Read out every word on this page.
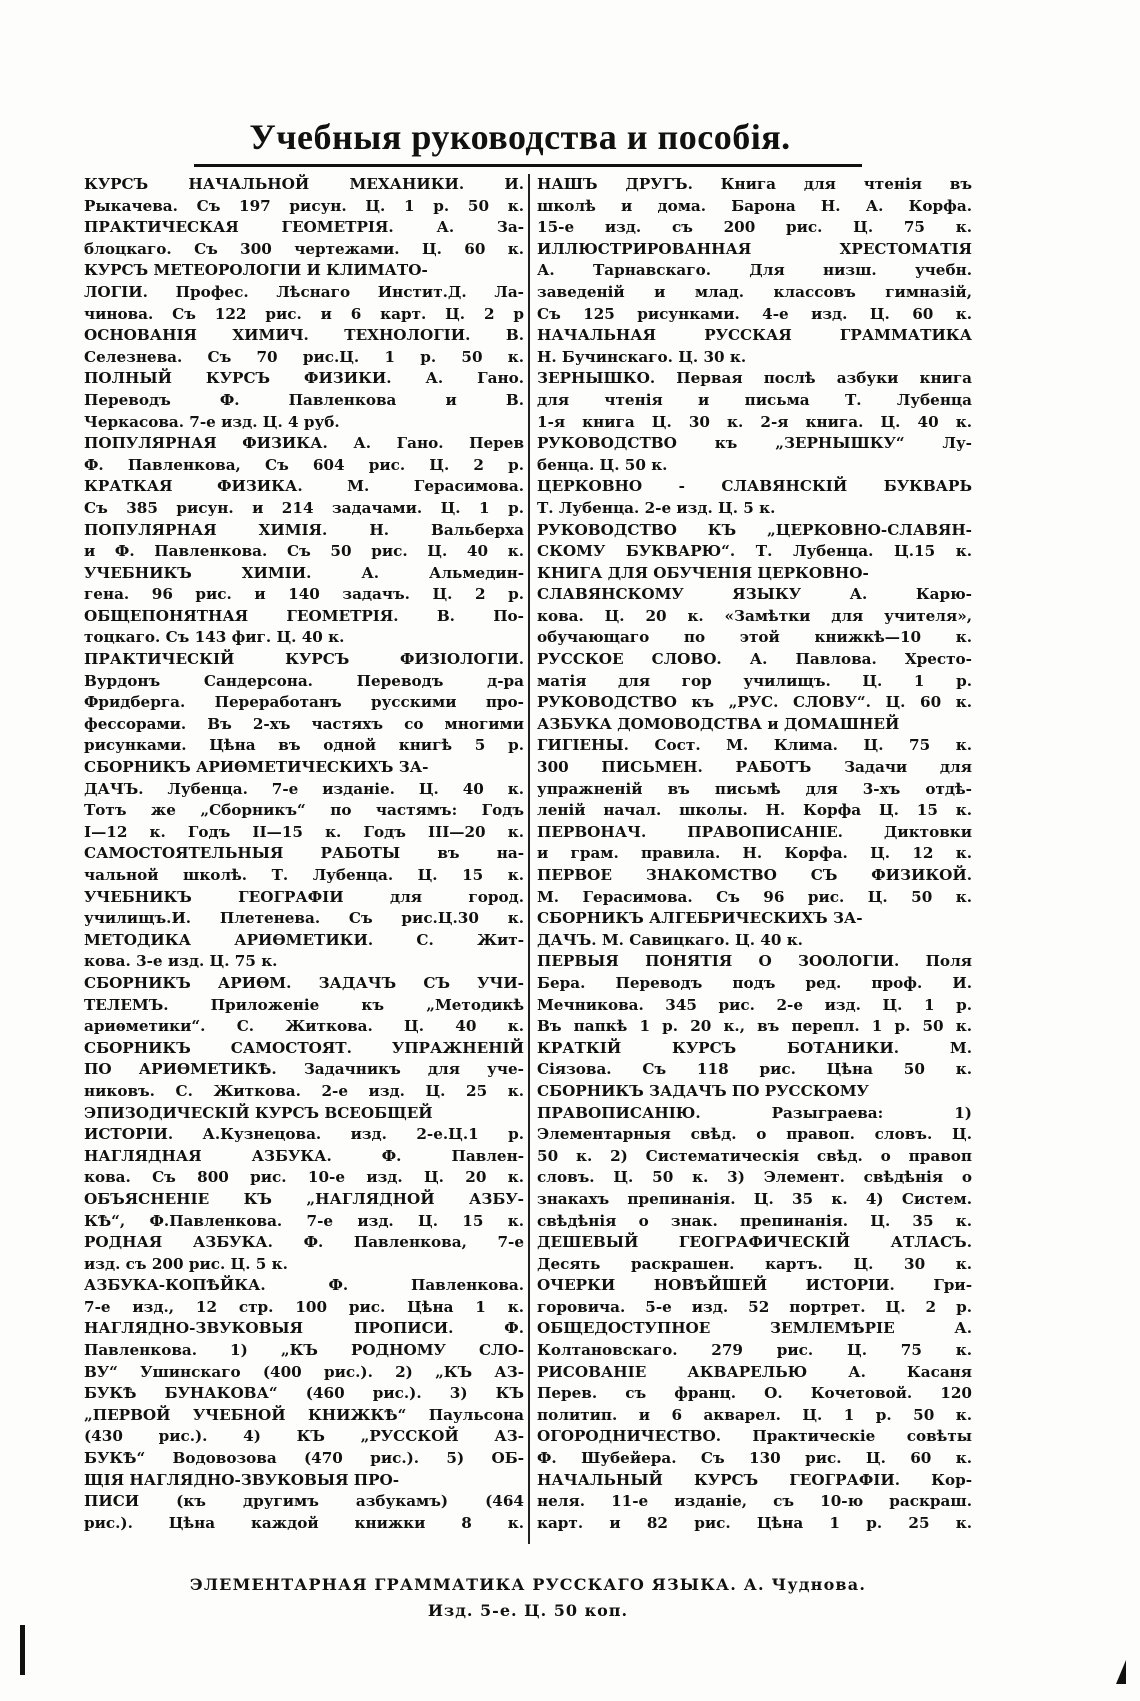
Учебныя руководства и пособія.
КУРСЪ НАЧАЛЬНОЙ МЕХАНИКИ. И.
Рыкачева. Съ 197 рисун. Ц. 1 р. 50 к.
ПРАКТИЧЕСКАЯ ГЕОМЕТРІЯ. А. За-
блоцкаго. Съ 300 чертежами. Ц. 60 к.
КУРСЪ МЕТЕОРОЛОГІИ И КЛИМАТО-
ЛОГІИ. Профес. Лѣснаго Инстит.Д. Ла-
чинова. Съ 122 рис. и 6 карт. Ц. 2 р
ОСНОВАНІЯ ХИМИЧ. ТЕХНОЛОГІИ. В.
Селезнева. Съ 70 рис.Ц. 1 р. 50 к.
ПОЛНЫЙ КУРСЪ ФИЗИКИ. А. Гано.
Переводъ Ф. Павленкова и В.
Черкасова. 7-е изд. Ц. 4 руб.
ПОПУЛЯРНАЯ ФИЗИКА. А. Гано. Перев
Ф. Павленкова, Съ 604 рис. Ц. 2 р.
КРАТКАЯ ФИЗИКА. М. Герасимова.
Съ 385 рисун. и 214 задачами. Ц. 1 р.
ПОПУЛЯРНАЯ ХИМІЯ. Н. Вальберха
и Ф. Павленкова. Съ 50 рис. Ц. 40 к.
УЧЕБНИКЪ ХИМІИ. А. Альмедин-
гена. 96 рис. и 140 задачъ. Ц. 2 р.
ОБЩЕПОНЯТНАЯ ГЕОМЕТРІЯ. В. По-
тоцкаго. Съ 143 фиг. Ц. 40 к.
ПРАКТИЧЕСКІЙ КУРСЪ ФИЗІОЛОГІИ.
Вурдонъ Сандерсона. Переводъ д-ра
Фридберга. Переработанъ русскими про-
фессорами. Въ 2-хъ частяхъ со многими
рисунками. Цѣна въ одной книгѣ 5 р.
СБОРНИКЪ АРИѲМЕТИЧЕСКИХЪ ЗА-
ДАЧЪ. Лубенца. 7-е изданіе. Ц. 40 к.
Тотъ же „Сборникъ“ по частямъ: Годъ
І—12 к. Годъ ІІ—15 к. Годъ ІІІ—20 к.
САМОСТОЯТЕЛЬНЫЯ РАБОТЫ въ на-
чальной школѣ. Т. Лубенца. Ц. 15 к.
УЧЕБНИКЪ ГЕОГРАФІИ для город.
училищъ.И. Плетенева. Съ рис.Ц.30 к.
МЕТОДИКА АРИѲМЕТИКИ. С. Жит-
кова. 3-е изд. Ц. 75 к.
СБОРНИКЪ АРИѲМ. ЗАДАЧЪ СЪ УЧИ-
ТЕЛЕМЪ. Приложеніе къ „Методикѣ
ариѳметики“. С. Житкова. Ц. 40 к.
СБОРНИКЪ САМОСТОЯТ. УПРАЖНЕНІЙ
ПО АРИѲМЕТИКѢ. Задачникъ для уче-
никовъ. С. Житкова. 2-е изд. Ц. 25 к.
ЭПИЗОДИЧЕСКІЙ КУРСЪ ВСЕОБЩЕЙ
ИСТОРІИ. А.Кузнецова. изд. 2-е.Ц.1 р.
НАГЛЯДНАЯ АЗБУКА. Ф. Павлен-
кова. Съ 800 рис. 10-е изд. Ц. 20 к.
ОБЪЯСНЕНІЕ КЪ „НАГЛЯДНОЙ АЗБУ-
КѢ“, Ф.Павленкова. 7-е изд. Ц. 15 к.
РОДНАЯ АЗБУКА. Ф. Павленкова, 7-е
изд. съ 200 рис. Ц. 5 к.
АЗБУКА-КОПѢЙКА. Ф. Павленкова.
7-е изд., 12 стр. 100 рис. Цѣна 1 к.
НАГЛЯДНО-ЗВУКОВЫЯ ПРОПИСИ. Ф.
Павленкова. 1) „КЪ РОДНОМУ СЛО-
ВУ“ Ушинскаго (400 рис.). 2) „КЪ АЗ-
БУКѢ БУНАКОВА“ (460 рис.). 3) КЪ
„ПЕРВОЙ УЧЕБНОЙ КНИЖКѢ“ Паульсона
(430 рис.). 4) КЪ „РУССКОЙ АЗ-
БУКѢ“ Водовозова (470 рис.). 5) ОБ-
ЩІЯ НАГЛЯДНО-ЗВУКОВЫЯ ПРО-
ПИСИ (къ другимъ азбукамъ) (464
рис.). Цѣна каждой книжки 8 к.
НАШЪ ДРУГЪ. Книга для чтенія въ
школѣ и дома. Барона Н. А. Корфа.
15-е изд. съ 200 рис. Ц. 75 к.
ИЛЛЮСТРИРОВАННАЯ ХРЕСТОМАТІЯ
А. Тарнавскаго. Для низш. учебн.
заведеній и млад. классовъ гимназій,
Съ 125 рисунками. 4-е изд. Ц. 60 к.
НАЧАЛЬНАЯ РУССКАЯ ГРАММАТИКА
Н. Бучинскаго. Ц. 30 к.
ЗЕРНЫШКО. Первая послѣ азбуки книга
для чтенія и письма Т. Лубенца
1-я книга Ц. 30 к. 2-я книга. Ц. 40 к.
РУКОВОДСТВО къ „ЗЕРНЫШКУ“ Лу-
бенца. Ц. 50 к.
ЦЕРКОВНО - СЛАВЯНСКІЙ БУКВАРЬ
Т. Лубенца. 2-е изд. Ц. 5 к.
РУКОВОДСТВО КЪ „ЦЕРКОВНО-СЛАВЯН-
СКОМУ БУКВАРЮ“. Т. Лубенца. Ц.15 к.
КНИГА ДЛЯ ОБУЧЕНІЯ ЦЕРКОВНО-
СЛАВЯНСКОМУ ЯЗЫКУ А. Карю-
кова. Ц. 20 к. «Замѣтки для учителя»,
обучающаго по этой книжкѣ—10 к.
РУССКОЕ СЛОВО. А. Павлова. Хресто-
матія для гор училищъ. Ц. 1 р.
РУКОВОДСТВО къ „РУС. СЛОВУ“. Ц. 60 к.
АЗБУКА ДОМОВОДСТВА и ДОМАШНЕЙ
ГИГІЕНЫ. Сост. М. Клима. Ц. 75 к.
300 ПИСЬМЕН. РАБОТЪ Задачи для
упражненій въ письмѣ для 3-хъ отдѣ-
леній начал. школы. Н. Корфа Ц. 15 к.
ПЕРВОНАЧ. ПРАВОПИСАНІЕ. Диктовки
и грам. правила. Н. Корфа. Ц. 12 к.
ПЕРВОЕ ЗНАКОМСТВО СЪ ФИЗИКОЙ.
М. Герасимова. Съ 96 рис. Ц. 50 к.
СБОРНИКЪ АЛГЕБРИЧЕСКИХЪ ЗА-
ДАЧЪ. М. Савицкаго. Ц. 40 к.
ПЕРВЫЯ ПОНЯТІЯ О ЗООЛОГІИ. Поля
Бера. Переводъ подъ ред. проф. И.
Мечникова. 345 рис. 2-е изд. Ц. 1 р.
Въ папкѣ 1 р. 20 к., въ перепл. 1 р. 50 к.
КРАТКІЙ КУРСЪ БОТАНИКИ. М.
Сіязова. Съ 118 рис. Цѣна 50 к.
СБОРНИКЪ ЗАДАЧЪ ПО РУССКОМУ
ПРАВОПИСАНІЮ. Разыграева: 1)
Элементарныя свѣд. о правоп. словъ. Ц.
50 к. 2) Систематическія свѣд. о правоп
словъ. Ц. 50 к. 3) Элемент. свѣдѣнія о
знакахъ препинанія. Ц. 35 к. 4) Систем.
свѣдѣнія о знак. препинанія. Ц. 35 к.
ДЕШЕВЫЙ ГЕОГРАФИЧЕСКІЙ АТЛАСЪ.
Десять раскрашен. картъ. Ц. 30 к.
ОЧЕРКИ НОВѢЙШЕЙ ИСТОРІИ. Гри-
горовича. 5-е изд. 52 портрет. Ц. 2 р.
ОБЩЕДОСТУПНОЕ ЗЕМЛЕМѢРІЕ А.
Колтановскаго. 279 рис. Ц. 75 к.
РИСОВАНІЕ АКВАРЕЛЬЮ А. Касаня
Перев. съ франц. О. Кочетовой. 120
политип. и 6 акварел. Ц. 1 р. 50 к.
ОГОРОДНИЧЕСТВО. Практическіе совѣты
Ф. Шубейера. Съ 130 рис. Ц. 60 к.
НАЧАЛЬНЫЙ КУРСЪ ГЕОГРАФІИ. Кор-
неля. 11-е изданіе, съ 10-ю раскраш.
карт. и 82 рис. Цѣна 1 р. 25 к.
ЭЛЕМЕНТАРНАЯ ГРАММАТИКА РУССКАГО ЯЗЫКА. А. Чуднова.
Изд. 5-е. Ц. 50 коп.
